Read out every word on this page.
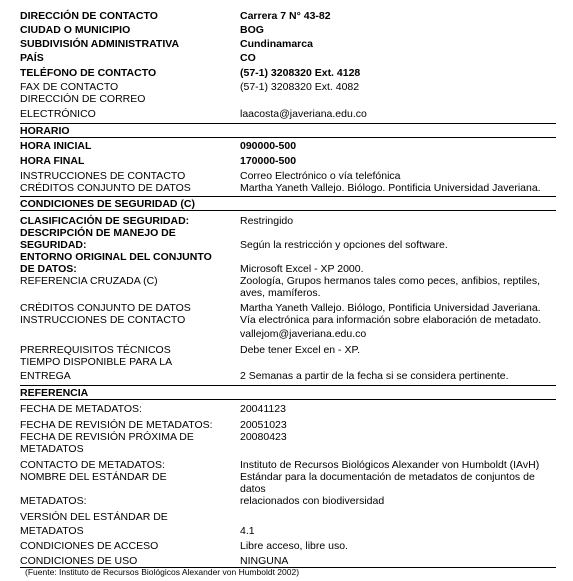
DIRECCIÓN DE CONTACTO	Carrera 7 N° 43-82
CIUDAD O MUNICIPIO	BOG
SUBDIVISIÓN ADMINISTRATIVA	Cundinamarca
PAÍS	CO
TELÉFONO DE CONTACTO	(57-1) 3208320 Ext. 4128
FAX DE CONTACTO	(57-1) 3208320 Ext. 4082
DIRECCIÓN DE CORREO
ELECTRÓNICO	laacosta@javeriana.edu.co
HORARIO
HORA INICIAL	090000-500
HORA FINAL	170000-500
INSTRUCCIONES DE CONTACTO	Correo Electrónico o vía telefónica
CRÉDITOS CONJUNTO DE DATOS	Martha Yaneth Vallejo. Biólogo. Pontificia Universidad Javeriana.
CONDICIONES DE SEGURIDAD (C)
CLASIFICACIÓN DE SEGURIDAD:	Restringido
DESCRIPCIÓN DE MANEJO DE
SEGURIDAD:	Según la restricción y opciones del software.
ENTORNO ORIGINAL DEL CONJUNTO
DE DATOS:	Microsoft Excel - XP 2000.
REFERENCIA CRUZADA (C)	Zoología, Grupos hermanos tales como peces, anfibios, reptiles,
aves, mamíferos.
CRÉDITOS CONJUNTO DE DATOS	Martha Yaneth Vallejo. Biólogo, Pontificia Universidad Javeriana.
INSTRUCCIONES DE CONTACTO	Vía electrónica para información sobre elaboración de metadato.
vallejom@javeriana.edu.co
PRERREQUISITOS TÉCNICOS	Debe tener Excel en - XP.
TIEMPO DISPONIBLE PARA LA
ENTREGA	2 Semanas a partir de la fecha si se considera pertinente.
REFERENCIA
FECHA DE METADATOS:	20041123
FECHA DE REVISIÓN DE METADATOS:	20051023
FECHA DE REVISIÓN PRÓXIMA DE	20080423
METADATOS
CONTACTO DE METADATOS:	Instituto de Recursos Biológicos Alexander von Humboldt (IAvH)
NOMBRE DEL ESTÁNDAR DE	Estándar para la documentación de metadatos de conjuntos de datos
METADATOS:	relacionados con biodiversidad
VERSIÓN DEL ESTÁNDAR DE
METADATOS	4.1
CONDICIONES DE ACCESO	Libre acceso, libre uso.
CONDICIONES DE USO	NINGUNA
(Fuente: Instituto de Recursos Biológicos Alexander von Humboldt 2002)
